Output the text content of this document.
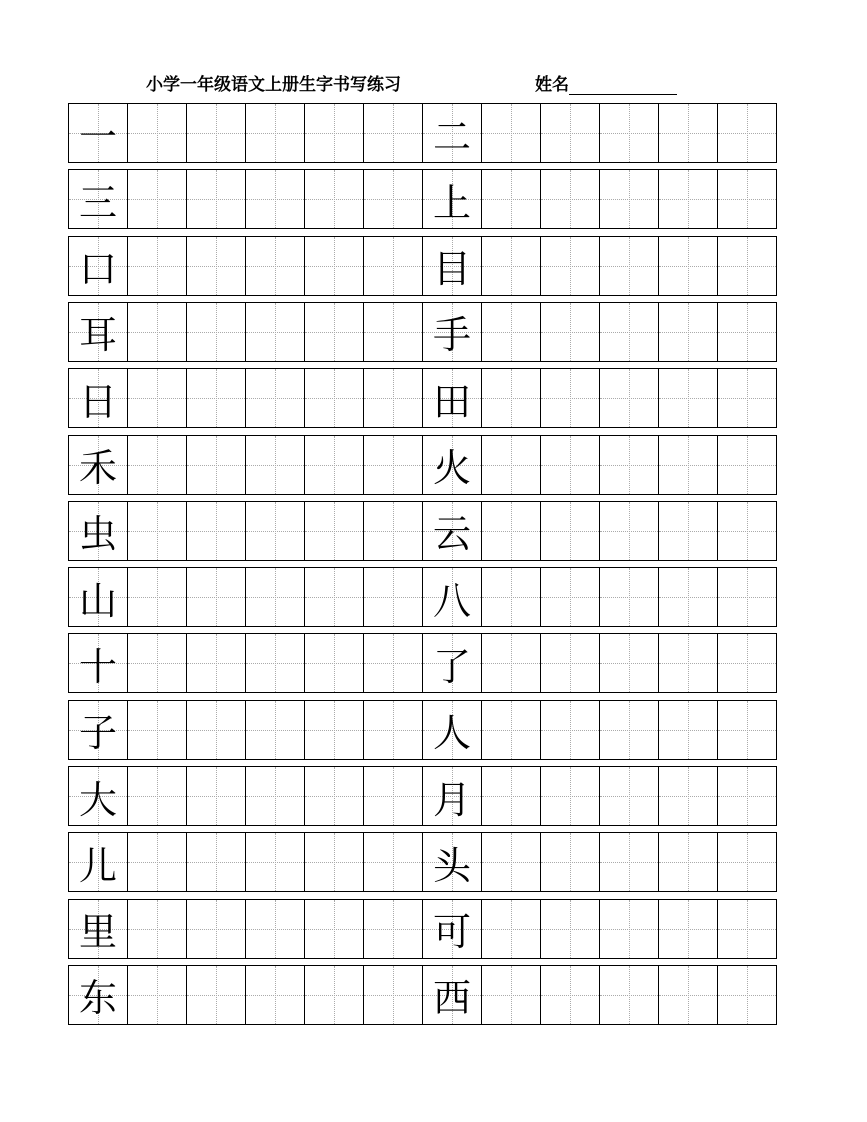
小学一年级语文上册生字书写练习	姓名
一	二
三	上
口	目
耳	手
日	田
禾	火
虫	云
山	八
十	了
子	人
大	月
儿	头
里	可
东	西
